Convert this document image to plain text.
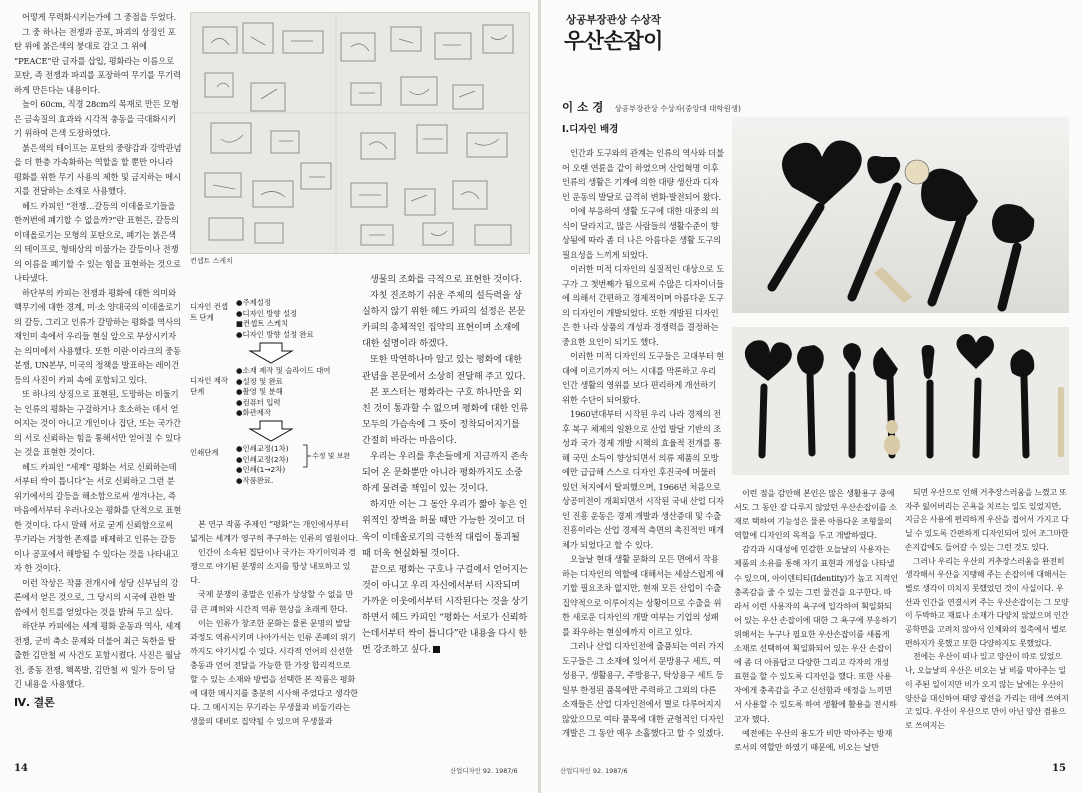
어떻게 무력화시키는가에 그 중점을 두었다.

그 중 하나는 전쟁과 공포, 파괴의 상징인 포탄 위에 붉은색의 붕대로 감고 그 위에 “PEACE”란 글자를 삽입, 평화라는 이름으로 포탄, 즉 전쟁과 파괴를 포장하여 무기를 무기력하게 만든다는 내용이다.

높이 60cm, 직경 28cm의 목재로 만든 모형은 금속질의 효과와 시각적 충동을 극대화시키기 위하여 은색 도장하였다.

붉은색의 테이프는 포탄의 중량감과 강박관념을 더 한층 가속화하는 역할을 할 뿐만 아니라 평화를 위한 무기 사용의 제한 및 금지하는 메시지를 전달하는 소재로 사용했다.

헤드 카피인 “전쟁…갈등의 이데올로기들을 한꺼번에 폐기할 수 없을까?”란 표현은, 갈등의 이데올로기는 모형의 포탄으로, 폐기는 붉은색의 테이프로, 형태상의 비물가는 갈등이나 전쟁의 이름을 폐기할 수 있는 힘을 표현하는 것으로 나타냈다.

하단부의 카피는 전쟁과 평화에 대한 의미와 핵무기에 대한 경계, 미·소 양대국의 이데올로기의 갈등, 그리고 인류가 갈망하는 평화를 역사의 재인미 속에서 우리들 현실 앞으로 부상시키자는 의미에서 사용했다. 또한 이란·이라크의 중동 분쟁, UN본부, 미국의 정책을 발표하는 레이건 등의 사진이 카피 속에 포함되고 있다.

또 하나의 상징으로 표현된, 도망하는 비둘기는 인류의 평화는 구걸하거나 호소하는 데서 얻어지는 것이 아니고 개인이나 집단, 또는 국가간의 서로 신뢰하는 힘을 통해서만 얻어질 수 있다는 것을 표현한 것이다.

헤드 카피인 “세계” 평화는 서로 신뢰하는데서부터 싹이 틉니다”는 서로 신뢰하고 그런 분위기에서의 갈등을 해소함으로써 생겨나는, 즉 마음에서부터 우러나오는 평화를 단적으로 표현한 것이다. 다시 말해 서로 굳게 신뢰함으로써 무기라는 거창한 존재를 배제하고 인류는 갈등이나 공포에서 해방될 수 있다는 것을 나타내고자 한 것이다.

이런 작상은 작품 전개시에 성당 신부님의 강론에서 얻은 것으로, 그 당시의 시국에 관한 발씀에서 힌트를 얻었다는 것을 밝혀 두고 싶다.

하단부 카피에는 세계 평화 운동과 역사, 세계 전쟁, 군비 축소 문제와 더불어 최근 독한을 탈출한 김만철 씨 사건도 포함시켰다. 사진은 월남전, 중동 전쟁, 핵폭발, 김만철 씨 일가 등이 담긴 내용을 사용했다.

Ⅳ. 결론
컨셉트 스케치
디자인 컨셉트 단계
●주제설정
●디자인 방향 설정
■컨셉트 스케치
●디자인 방향 설정 완료
디자인 제작 단계
●소재 제작 및 슬라이드 대여
●설정 및 완료
●촬영 및 분해
●컴퓨터 입력
●화관제작
인쇄단계	●인쇄교정(1차)
●인쇄교정(2차)
●인쇄(1→2차)
●작품완료.
수정 및 보완

본 연구 작품 주제인 “평화”는 개인에서부터 넓게는 세계가 영구히 추구하는 인류의 염원이다.

인간이 소속된 집단이나 국가는 자기이익과 경쟁으로 야기된 분쟁의 소지를 항상 내포하고 있다.

국제 분쟁의 종말은 인류가 상상할 수 없을 만큼 큰 폐허와 시간적 역류 현상을 초래케 한다.

이는 인류가 창조한 문화는 물론 문명의 발달과정도 역류시키며 나아가서는 인류 존폐의 위기까지도 야기시킬 수 있다. 시각적 언어의 신선한 충동과 언어 전달을 가능한 한 가장 합리적으로 할 수 있는 소재와 방법을 선택한 본 작품은 평화에 대한 메시지를 충분히 시사해 주었다고 생각한다. 그 메시지는 무기라는 무생물과 비둘기라는 생물의 대비로 집약될 수 있으며 무생물과

생물의 조화를 극적으로 표현한 것이다.

자칫 진조하기 쉬운 주제의 설득력을 상실하지 않기 위한 헤드 카피의 설정은 본문 카피의 총체적인 집약의 표현이며 소재에 대한 설명이라 하겠다.

또한 막연하나마 알고 있는 평화에 대한 관념을 본문에서 소상히 전달해 주고 있다.

본 포스터는 평화라는 구호 하나만을 외친 것이 통과할 수 없으며 평화에 대한 인류 모두의 가슴속에 그 뜻이 정착되어지기를 간절히 바라는 마음이다.

우리는 우리를 후손들에게 지금까지 존속되어 온 문화뿐만 아니라 평화까지도 소중하게 물려줄 책임이 있는 것이다.

하지만 이는 그 동안 우리가 짧아 놓은 인위적인 장벽을 허물 때만 가능한 것이고 더욱이 이데올로기의 극한적 대립이 통괴될 때 더욱 현실화될 것이다.

끝으로 평화는 구호나 구걸에서 얻어지는 것이 아니고 우리 자신에서부터 시작되며 가까운 이웃에서부터 시작된다는 것을 상기하면서 헤드 카피인 “평화는 서로가 신뢰하는데서부터 싹이 틉니다”란 내용을 다시 한번 강조하고 싶다.

14	산업디자인 92. 1987/6
상공부장관상 수상작
우산손잡이
이 소 경 상공부장관상 수상자(중앙대 대학원생)
Ⅰ.디자인 배경

인간과 도구와의 관계는 인류의 역사와 더불어 오랜 연륜을 같이 하였으며 산업혁명 이후 인류의 생활은 기계에 의한 대량 생산과 디자인 운동의 발달로 급격히 변화·발전되어 왔다.

이에 부응하여 생활 도구에 대한 대중의 의식이 달라지고, 많은 사람들의 생활수준이 향상됨에 따라 좀 더 나은 아름다운 생활 도구의 필요성을 느끼게 되었다.

이러한 미적 디자인의 실질적인 대상으로 도구가 그 첫번째가 됨으로써 수많은 디자이너들에 의해서 간편하고 경제적이며 아름다운 도구의 디자인이 개발되었다. 또한 개발된 디자인은 한 나라 상품의 개성과 경쟁력을 결정하는 중요한 요인이 되기도 했다.

이러한 미적 디자인의 도구들은 고대부터 현대에 이르기까지 어느 시대를 막론하고 우리 인간 생활의 영위를 보다 편리하게 개선하기 위한 수단이 되어왔다.

1960년대부터 시작된 우리 나라 경제의 전후 복구 체제의 일환으로 산업 발달 기반의 조성과 국가 경제 개발 시책의 효율적 전개를 통해 국민 소득이 향상되면서 의류 제품의 모방에만 급급해 스스로 디자인 후진국에 머물러 있던 처지에서 탈피했으며, 1966년 처음으로 상공미전이 개최되면서 시작된 국내 산업 디자인 진흥 운동은 경제 개발과 생산증대 및 수출 진흥이라는 산업 경제적 측면의 촉진적인 매개체가 되었다고 할 수 있다.

오늘날 현대 생활 문화의 모든 면에서 작용하는 디자인의 역할에 대해서는 세삼스럽게 얘기할 필요조차 없지만, 현재 모든 산업이 수출 집약적으로 이루어지는 상황이므로 수출을 위한 새로운 디자인의 개발 여부는 기업의 성패를 좌우하는 현실에까지 이르고 있다.

그러나 산업 디자인전에 출품되는 여러 가지 도구들은 그 소재에 있어서 문방용구 세트, 여성용구, 생활용구, 주방용구, 탁상용구 세트 등 일부 한정된 품목에만 주력하고 그외의 다른 소재들은 산업 디자인전에서 별로 다루어지지 않았으므로 여타 품목에 대한 균형적인 디자인 개발은 그 동안 매우 소홀했다고 할 수 있겠다.

이런 점을 감안해 본인은 많은 생활용구 중에서도 그 동안 잘 다루지 않았던 우산손잡이를 소재로 택하여 기능성은 물론 아름다운 조형물의 역할에 디자인의 목적을 두고 개발하였다.

감각과 시대성에 민감한 오늘날의 사용자는 제품의 소유를 통해 자기 표현과 개성을 나타낼 수 있으며, 아이덴티티(Identity)가 높고 지적인 충족감을 줄 수 있는 그런 물건을 요구한다. 따라서 이런 사용자의 욕구에 입각하여 획일화되어 있는 우산 손잡이에 대한 그 욕구에 부응하기 위해서는 누구나 필요한 우산손잡이를 새롭게 소재로 선택하여 획일화되어 있는 우산 손잡이에 좀 더 아름답고 다양한 그리고 각자의 개성 표현을 할 수 있도록 디자인을 했다. 또한 사용자에게 충족감을 주고 신선함과 애정을 느끼면서 사용할 수 있도록 하여 생활에 활용을 전시하고자 했다.

예전에는 우산의 용도가 비만 막아주는 방재로서의 역할만 하였기 때문에, 비오는 날만

되면 우산으로 인해 거추장스러움을 느꼈고 또 자주 잃어버리는 곤욕을 치르는 일도 있었지만, 지금은 사용에 편리하게 우산을 접어서 가지고 다닐 수 있도록 간편하게 디자인되어 있어 조그마한 손지갑에도 들어갈 수 있는 그런 것도 있다.

그러나 우리는 우산의 거추장스러움을 완전히 생각해서 우산을 지탱해 주는 손잡이에 대해서는 별로 생각이 미치지 못했었던 것이 사실이다. 우산과 인간을 연결시켜 주는 우산손잡이는 그 모양이 두박하고 재료나 소재가 다양치 않았으며 인간공학면을 고려치 않아서 인체와의 접촉에서 별로 편하지가 못했고 또한 다양하지도 못했었다.

전에는 우산이 떠나 있고 양산이 따로 있었으나, 오늘날의 우산은 비오는 날 비를 막아주는 일이 주된 일이지만 비가 오지 않는 날에는 우산이 양산을 대신하여 태양 광선을 가리는 데에 쓰여지고 있다. 우산이 우산으로 만이 아닌 양산 겸용으로 쓰여지는

산업디자인 92. 1987/6	15
